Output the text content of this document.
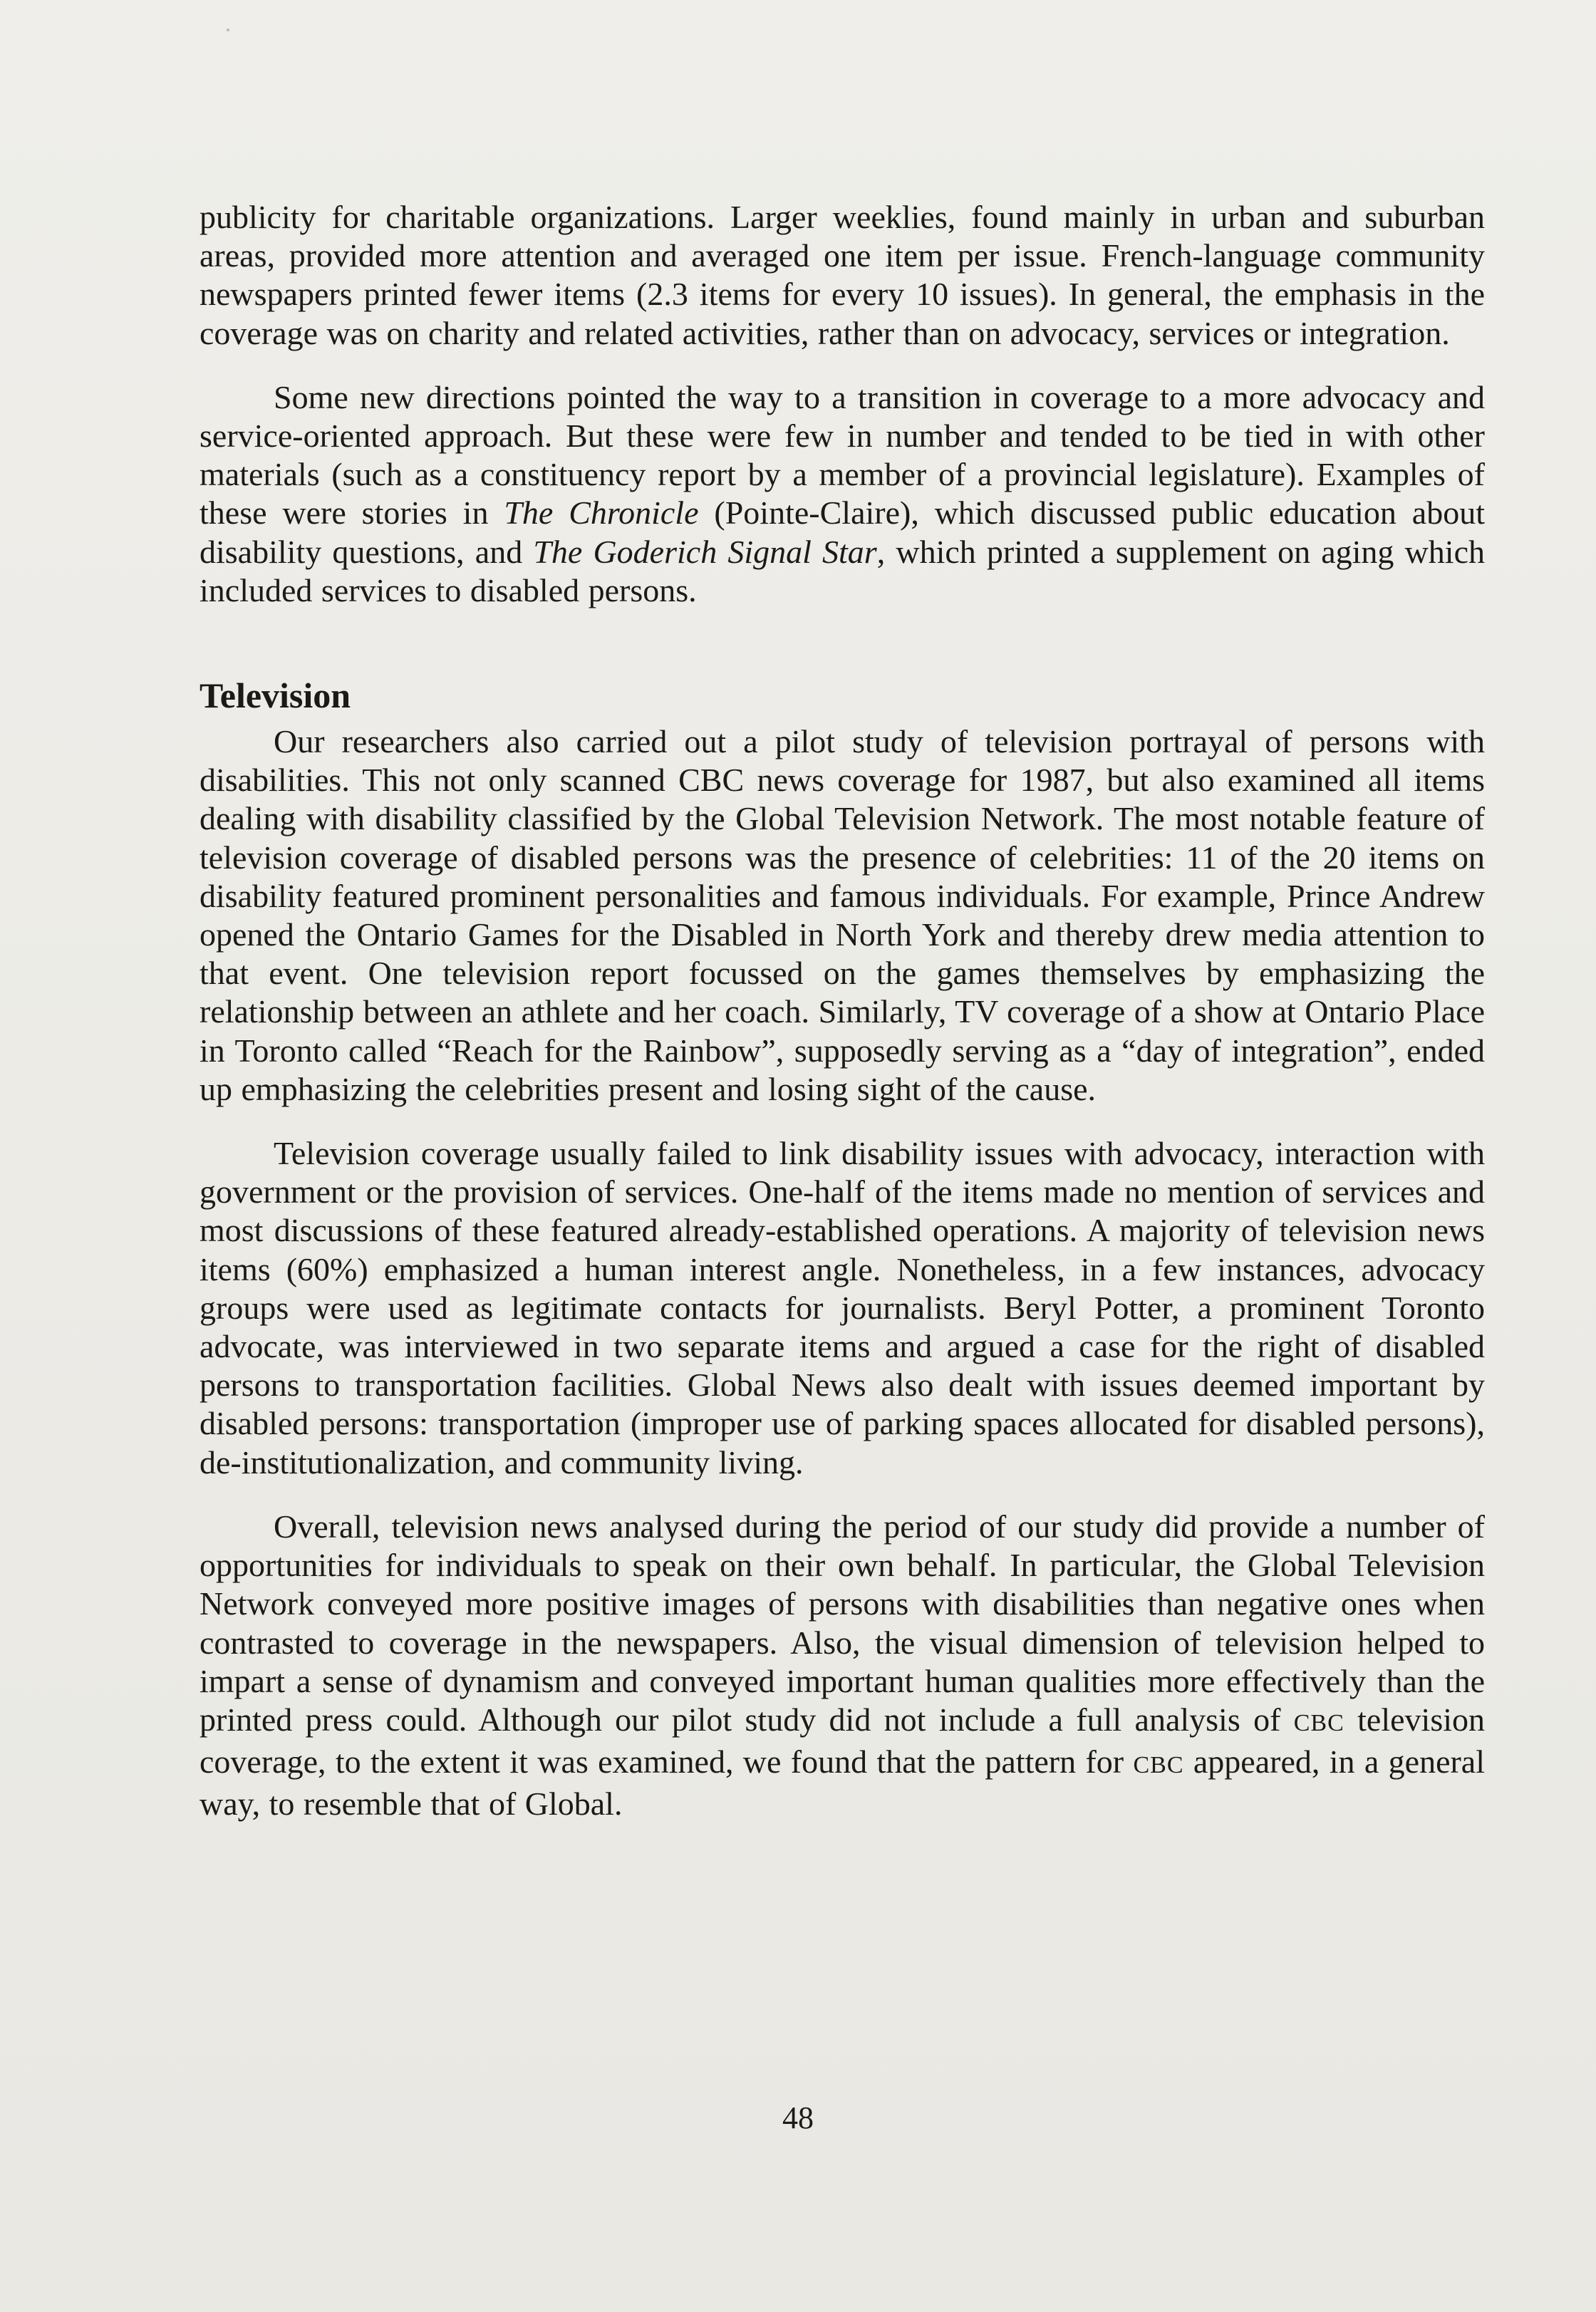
publicity for charitable organizations. Larger weeklies, found mainly in urban and suburban areas, provided more attention and averaged one item per issue. French-language community newspapers printed fewer items (2.3 items for every 10 issues). In general, the emphasis in the coverage was on charity and related activities, rather than on advocacy, services or integration.

Some new directions pointed the way to a transition in coverage to a more advocacy and service-oriented approach. But these were few in number and tended to be tied in with other materials (such as a constituency report by a member of a provincial legislature). Examples of these were stories in The Chronicle (Pointe-Claire), which discussed public education about disability questions, and The Goderich Signal Star, which printed a supplement on aging which included services to disabled persons.

Television

Our researchers also carried out a pilot study of television portrayal of persons with disabilities. This not only scanned CBC news coverage for 1987, but also examined all items dealing with disability classified by the Global Television Network. The most notable feature of television coverage of disabled persons was the presence of celebrities: 11 of the 20 items on disability featured prominent personalities and famous individuals. For example, Prince Andrew opened the Ontario Games for the Disabled in North York and thereby drew media attention to that event. One television report focussed on the games themselves by emphasizing the relationship between an athlete and her coach. Similarly, TV coverage of a show at Ontario Place in Toronto called “Reach for the Rainbow”, supposedly serving as a “day of integration”, ended up emphasizing the celebrities present and losing sight of the cause.

Television coverage usually failed to link disability issues with advocacy, interaction with government or the provision of services. One-half of the items made no mention of services and most discussions of these featured already-established operations. A majority of television news items (60%) emphasized a human interest angle. Nonetheless, in a few instances, advocacy groups were used as legitimate contacts for journalists. Beryl Potter, a prominent Toronto advocate, was interviewed in two separate items and argued a case for the right of disabled persons to transportation facilities. Global News also dealt with issues deemed important by disabled persons: transportation (improper use of parking spaces allocated for disabled persons), de-institutionalization, and community living.

Overall, television news analysed during the period of our study did provide a number of opportunities for individuals to speak on their own behalf. In particular, the Global Television Network conveyed more positive images of persons with disabilities than negative ones when contrasted to coverage in the newspapers. Also, the visual dimension of television helped to impart a sense of dynamism and conveyed important human qualities more effectively than the printed press could. Although our pilot study did not include a full analysis of CBC television coverage, to the extent it was examined, we found that the pattern for CBC appeared, in a general way, to resemble that of Global.

48
